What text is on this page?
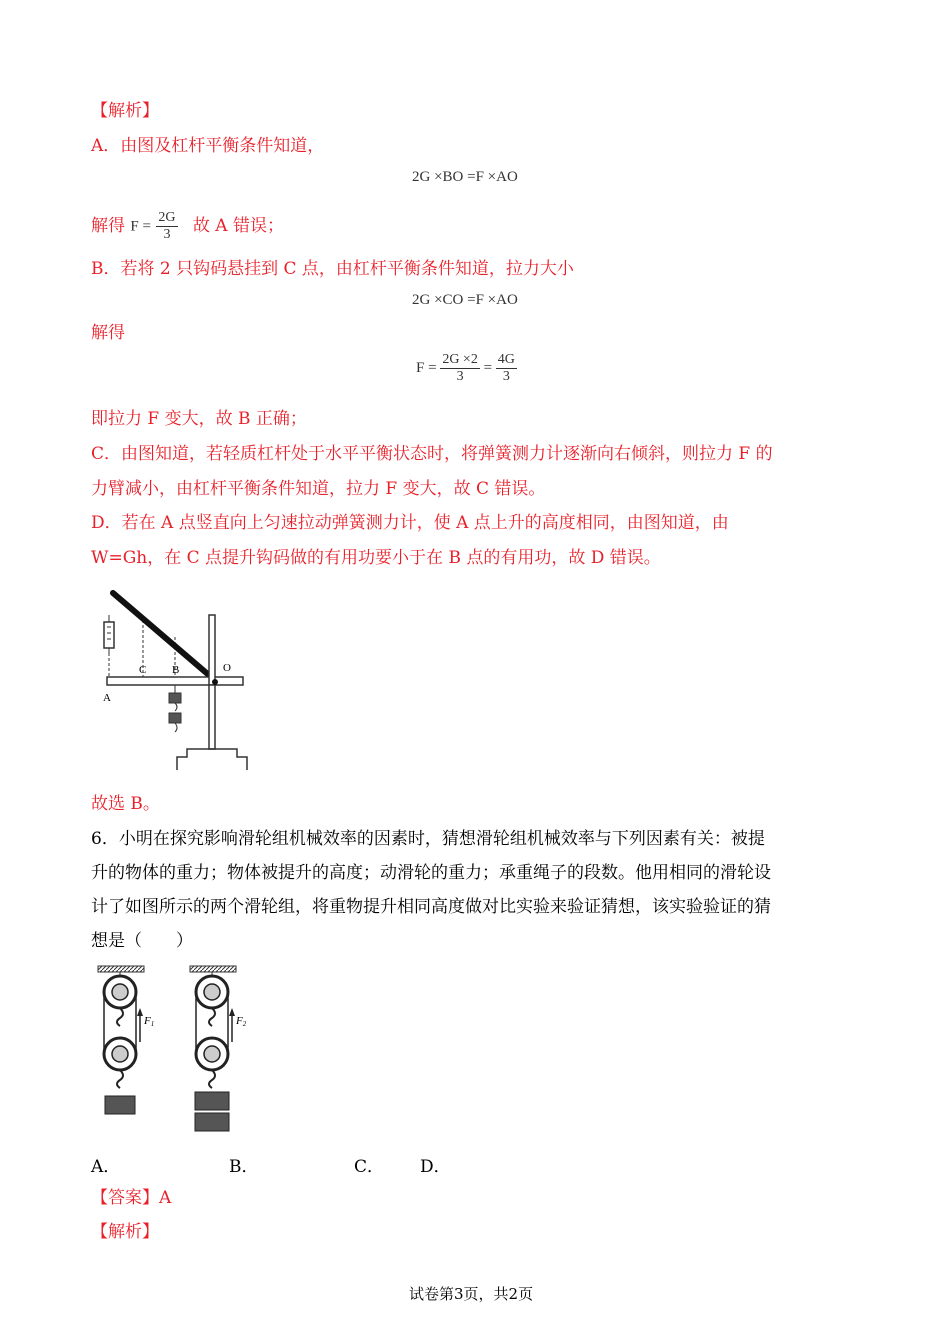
【解析】
A．由图及杠杆平衡条件知道，
2G ×BO =F ×AO
解得 $F = \frac{2G}{3}$ 故 A 错误；
B．若将 2 只钩码悬挂到 C 点，由杠杆平衡条件知道，拉力大小
2G ×CO =F ×AO
解得
$F = \frac{2G \times 2}{3} = \frac{4G}{3}$
即拉力 F 变大，故 B 正确；
C．由图知道，若轻质杠杆处于水平平衡状态时，将弹簧测力计逐渐向右倾斜，则拉力 F 的
力臂减小，由杠杆平衡条件知道，拉力 F 变大，故 C 错误。
D．若在 A 点竖直向上匀速拉动弹簧测力计，使 A 点上升的高度相同，由图知道，由
W=Gh，在 C 点提升钩码做的有用功要小于在 B 点的有用功，故 D 错误。
A
C B	O
故选 B。
6．小明在探究影响滑轮组机械效率的因素时，猜想滑轮组机械效率与下列因素有关：被提
升的物体的重力；物体被提升的高度；动滑轮的重力；承重绳子的段数。他用相同的滑轮设
计了如图所示的两个滑轮组，将重物提升相同高度做对比实验来验证猜想，该实验验证的猜
想是（　　）
F1	F2
A．	B．	C． D．
【答案】A
【解析】
试卷第3页，共2页
